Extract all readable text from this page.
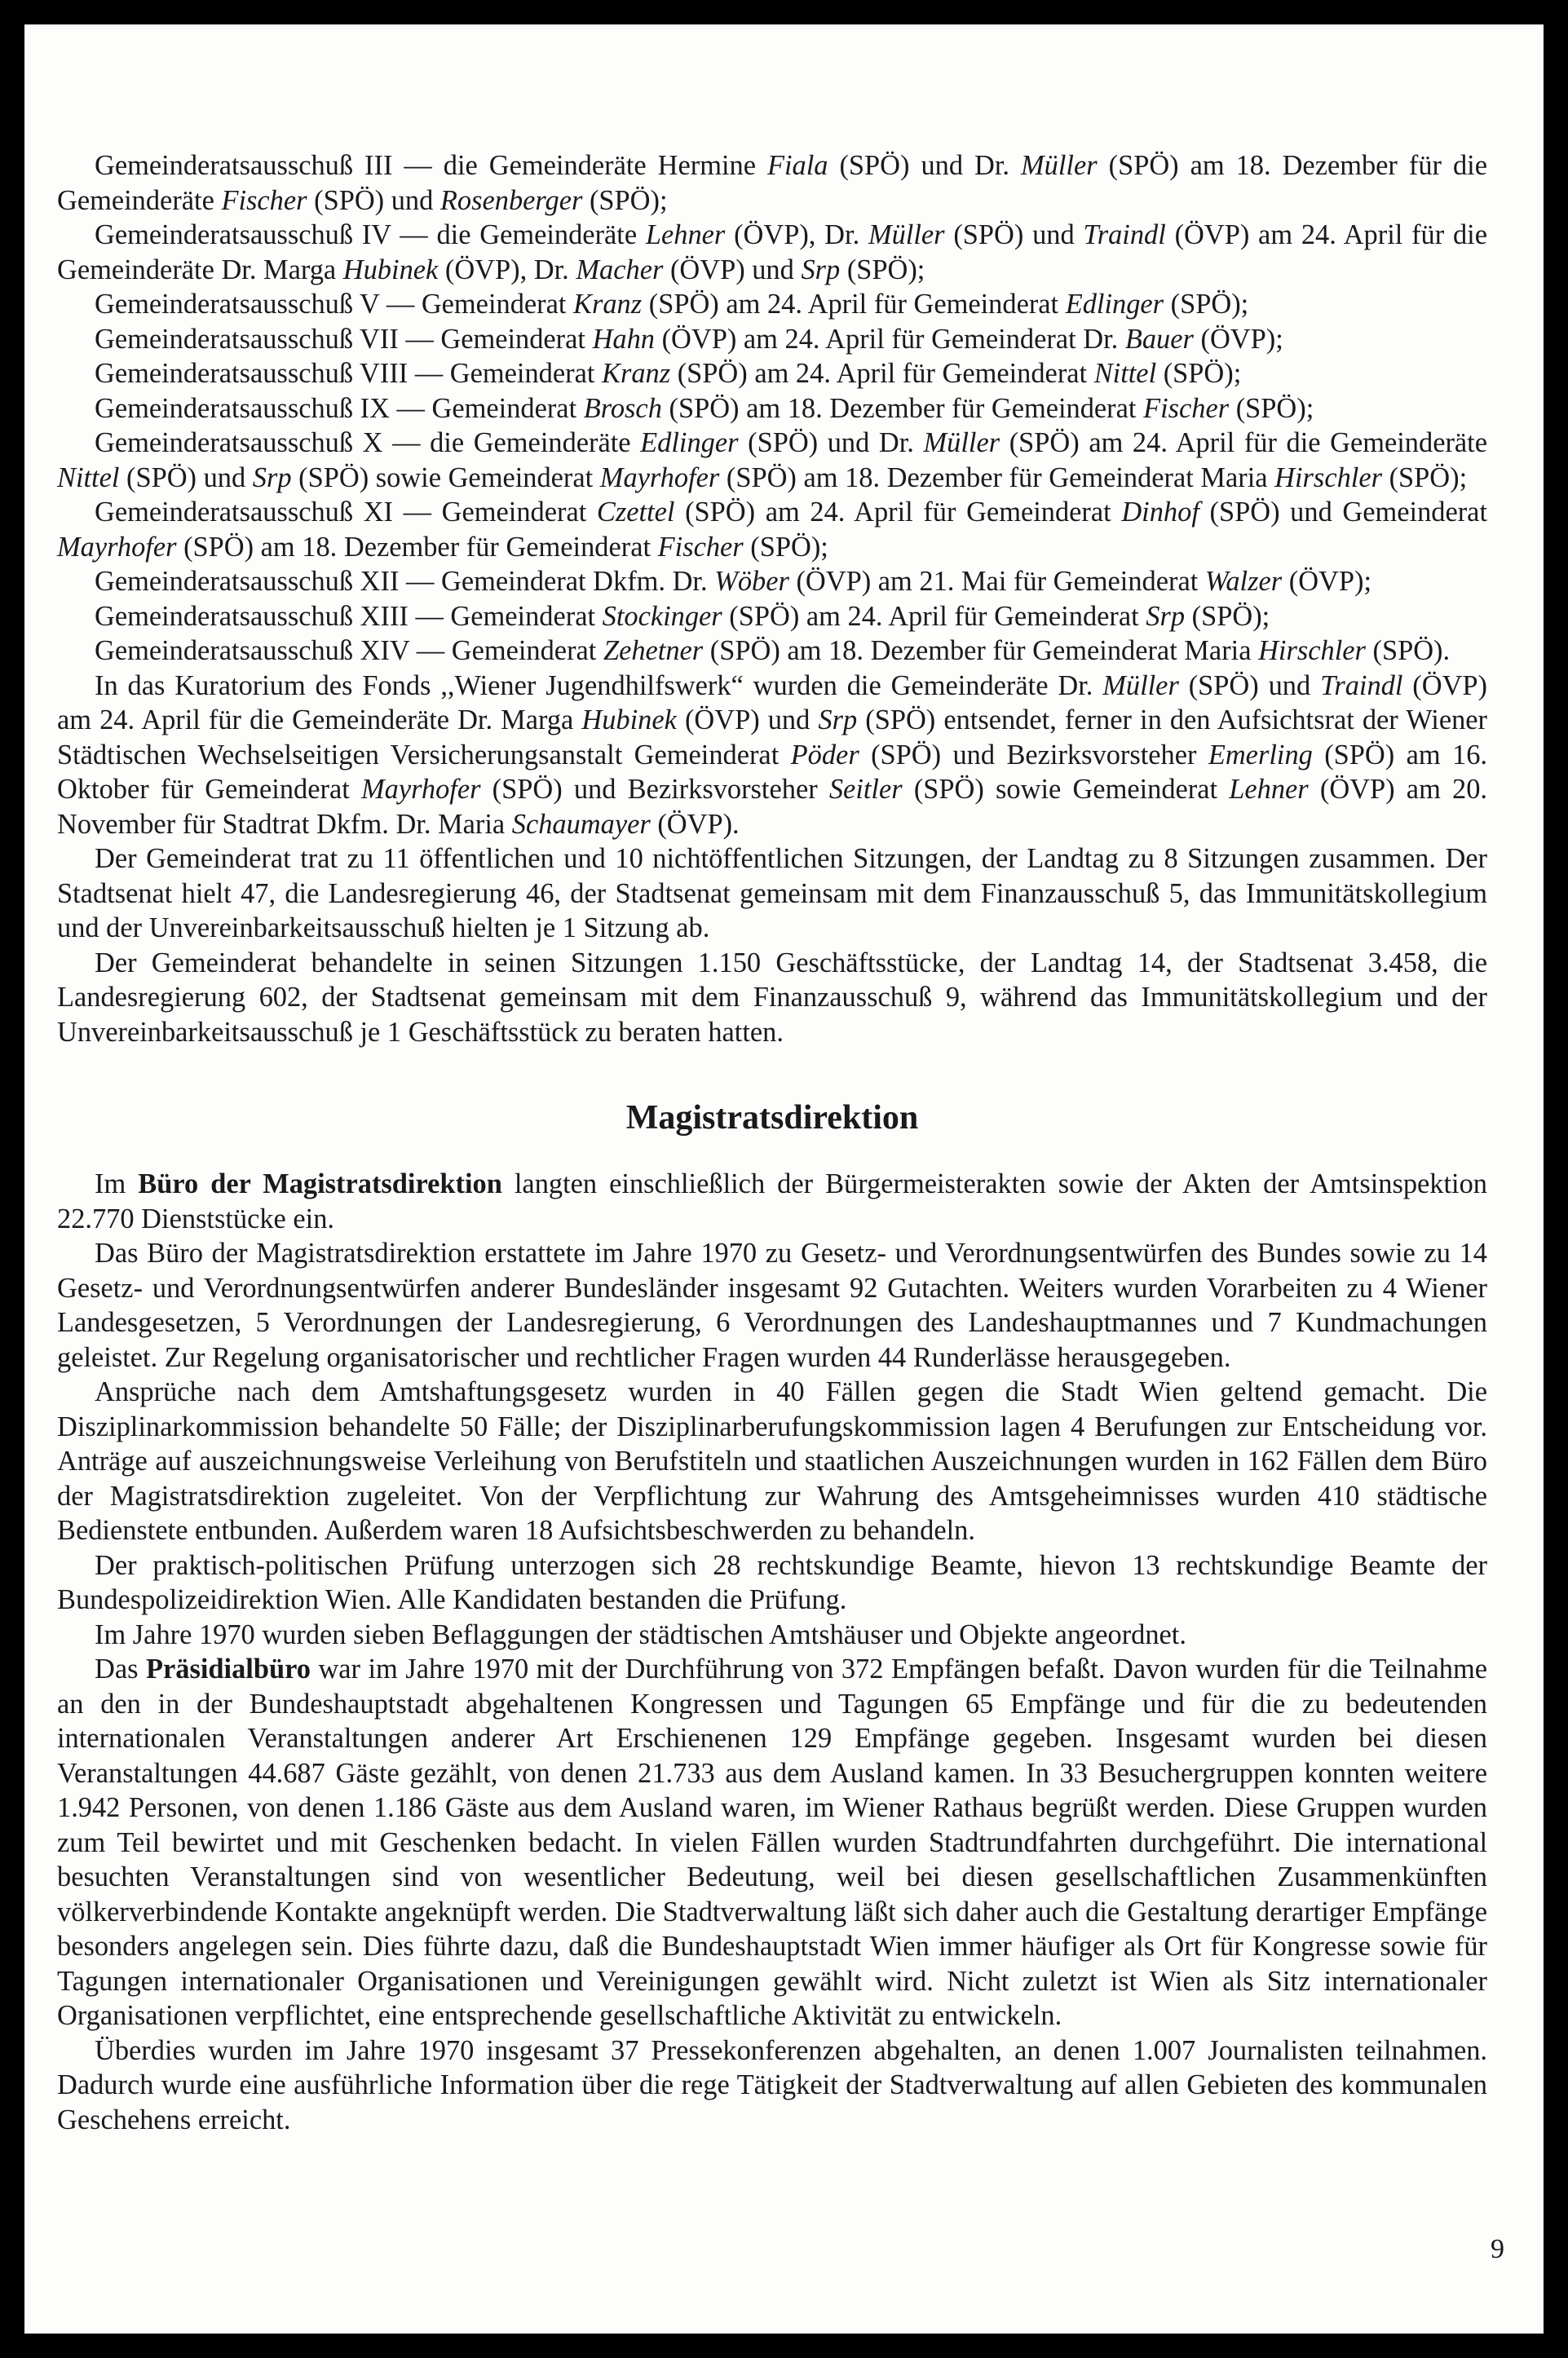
Gemeinderatsausschuß III — die Gemeinderäte Hermine Fiala (SPÖ) und Dr. Müller (SPÖ) am 18. Dezember für die Gemeinderäte Fischer (SPÖ) und Rosenberger (SPÖ);

Gemeinderatsausschuß IV — die Gemeinderäte Lehner (ÖVP), Dr. Müller (SPÖ) und Traindl (ÖVP) am 24. April für die Gemeinderäte Dr. Marga Hubinek (ÖVP), Dr. Macher (ÖVP) und Srp (SPÖ);

Gemeinderatsausschuß V — Gemeinderat Kranz (SPÖ) am 24. April für Gemeinderat Edlinger (SPÖ);

Gemeinderatsausschuß VII — Gemeinderat Hahn (ÖVP) am 24. April für Gemeinderat Dr. Bauer (ÖVP);

Gemeinderatsausschuß VIII — Gemeinderat Kranz (SPÖ) am 24. April für Gemeinderat Nittel (SPÖ);

Gemeinderatsausschuß IX — Gemeinderat Brosch (SPÖ) am 18. Dezember für Gemeinderat Fischer (SPÖ);

Gemeinderatsausschuß X — die Gemeinderäte Edlinger (SPÖ) und Dr. Müller (SPÖ) am 24. April für die Gemeinderäte Nittel (SPÖ) und Srp (SPÖ) sowie Gemeinderat Mayrhofer (SPÖ) am 18. Dezember für Gemeinderat Maria Hirschler (SPÖ);

Gemeinderatsausschuß XI — Gemeinderat Czettel (SPÖ) am 24. April für Gemeinderat Dinhof (SPÖ) und Gemeinderat Mayrhofer (SPÖ) am 18. Dezember für Gemeinderat Fischer (SPÖ);

Gemeinderatsausschuß XII — Gemeinderat Dkfm. Dr. Wöber (ÖVP) am 21. Mai für Gemeinderat Walzer (ÖVP);

Gemeinderatsausschuß XIII — Gemeinderat Stockinger (SPÖ) am 24. April für Gemeinderat Srp (SPÖ);

Gemeinderatsausschuß XIV — Gemeinderat Zehetner (SPÖ) am 18. Dezember für Gemeinderat Maria Hirschler (SPÖ).

In das Kuratorium des Fonds ,,Wiener Jugendhilfswerk“ wurden die Gemeinderäte Dr. Müller (SPÖ) und Traindl (ÖVP) am 24. April für die Gemeinderäte Dr. Marga Hubinek (ÖVP) und Srp (SPÖ) entsendet, ferner in den Aufsichtsrat der Wiener Städtischen Wechselseitigen Versicherungsanstalt Gemeinderat Pöder (SPÖ) und Bezirksvorsteher Emerling (SPÖ) am 16. Oktober für Gemeinderat Mayrhofer (SPÖ) und Bezirksvorsteher Seitler (SPÖ) sowie Gemeinderat Lehner (ÖVP) am 20. November für Stadtrat Dkfm. Dr. Maria Schaumayer (ÖVP).

Der Gemeinderat trat zu 11 öffentlichen und 10 nichtöffentlichen Sitzungen, der Landtag zu 8 Sitzungen zusammen. Der Stadtsenat hielt 47, die Landesregierung 46, der Stadtsenat gemeinsam mit dem Finanzausschuß 5, das Immunitätskollegium und der Unvereinbarkeitsausschuß hielten je 1 Sitzung ab.

Der Gemeinderat behandelte in seinen Sitzungen 1.150 Geschäftsstücke, der Landtag 14, der Stadtsenat 3.458, die Landesregierung 602, der Stadtsenat gemeinsam mit dem Finanzausschuß 9, während das Immunitätskollegium und der Unvereinbarkeitsausschuß je 1 Geschäftsstück zu beraten hatten.

Magistratsdirektion

Im Büro der Magistratsdirektion langten einschließlich der Bürgermeisterakten sowie der Akten der Amtsinspektion 22.770 Dienststücke ein.

Das Büro der Magistratsdirektion erstattete im Jahre 1970 zu Gesetz- und Verordnungsentwürfen des Bundes sowie zu 14 Gesetz- und Verordnungsentwürfen anderer Bundesländer insgesamt 92 Gutachten. Weiters wurden Vorarbeiten zu 4 Wiener Landesgesetzen, 5 Verordnungen der Landesregierung, 6 Verordnungen des Landeshauptmannes und 7 Kundmachungen geleistet. Zur Regelung organisatorischer und rechtlicher Fragen wurden 44 Runderlässe herausgegeben.

Ansprüche nach dem Amtshaftungsgesetz wurden in 40 Fällen gegen die Stadt Wien geltend gemacht. Die Disziplinarkommission behandelte 50 Fälle; der Disziplinarberufungskommission lagen 4 Berufungen zur Entscheidung vor. Anträge auf auszeichnungsweise Verleihung von Berufstiteln und staatlichen Auszeichnungen wurden in 162 Fällen dem Büro der Magistratsdirektion zugeleitet. Von der Verpflichtung zur Wahrung des Amtsgeheimnisses wurden 410 städtische Bedienstete entbunden. Außerdem waren 18 Aufsichtsbeschwerden zu behandeln.

Der praktisch-politischen Prüfung unterzogen sich 28 rechtskundige Beamte, hievon 13 rechtskundige Beamte der Bundespolizeidirektion Wien. Alle Kandidaten bestanden die Prüfung.

Im Jahre 1970 wurden sieben Beflaggungen der städtischen Amtshäuser und Objekte angeordnet.

Das Präsidialbüro war im Jahre 1970 mit der Durchführung von 372 Empfängen befaßt. Davon wurden für die Teilnahme an den in der Bundeshauptstadt abgehaltenen Kongressen und Tagungen 65 Empfänge und für die zu bedeutenden internationalen Veranstaltungen anderer Art Erschienenen 129 Empfänge gegeben. Insgesamt wurden bei diesen Veranstaltungen 44.687 Gäste gezählt, von denen 21.733 aus dem Ausland kamen. In 33 Besuchergruppen konnten weitere 1.942 Personen, von denen 1.186 Gäste aus dem Ausland waren, im Wiener Rathaus begrüßt werden. Diese Gruppen wurden zum Teil bewirtet und mit Geschenken bedacht. In vielen Fällen wurden Stadtrundfahrten durchgeführt. Die international besuchten Veranstaltungen sind von wesentlicher Bedeutung, weil bei diesen gesellschaftlichen Zusammenkünften völkerverbindende Kontakte angeknüpft werden. Die Stadtverwaltung läßt sich daher auch die Gestaltung derartiger Empfänge besonders angelegen sein. Dies führte dazu, daß die Bundeshauptstadt Wien immer häufiger als Ort für Kongresse sowie für Tagungen internationaler Organisationen und Vereinigungen gewählt wird. Nicht zuletzt ist Wien als Sitz internationaler Organisationen verpflichtet, eine entsprechende gesellschaftliche Aktivität zu entwickeln.

Überdies wurden im Jahre 1970 insgesamt 37 Pressekonferenzen abgehalten, an denen 1.007 Journalisten teilnahmen. Dadurch wurde eine ausführliche Information über die rege Tätigkeit der Stadtverwaltung auf allen Gebieten des kommunalen Geschehens erreicht.

9
